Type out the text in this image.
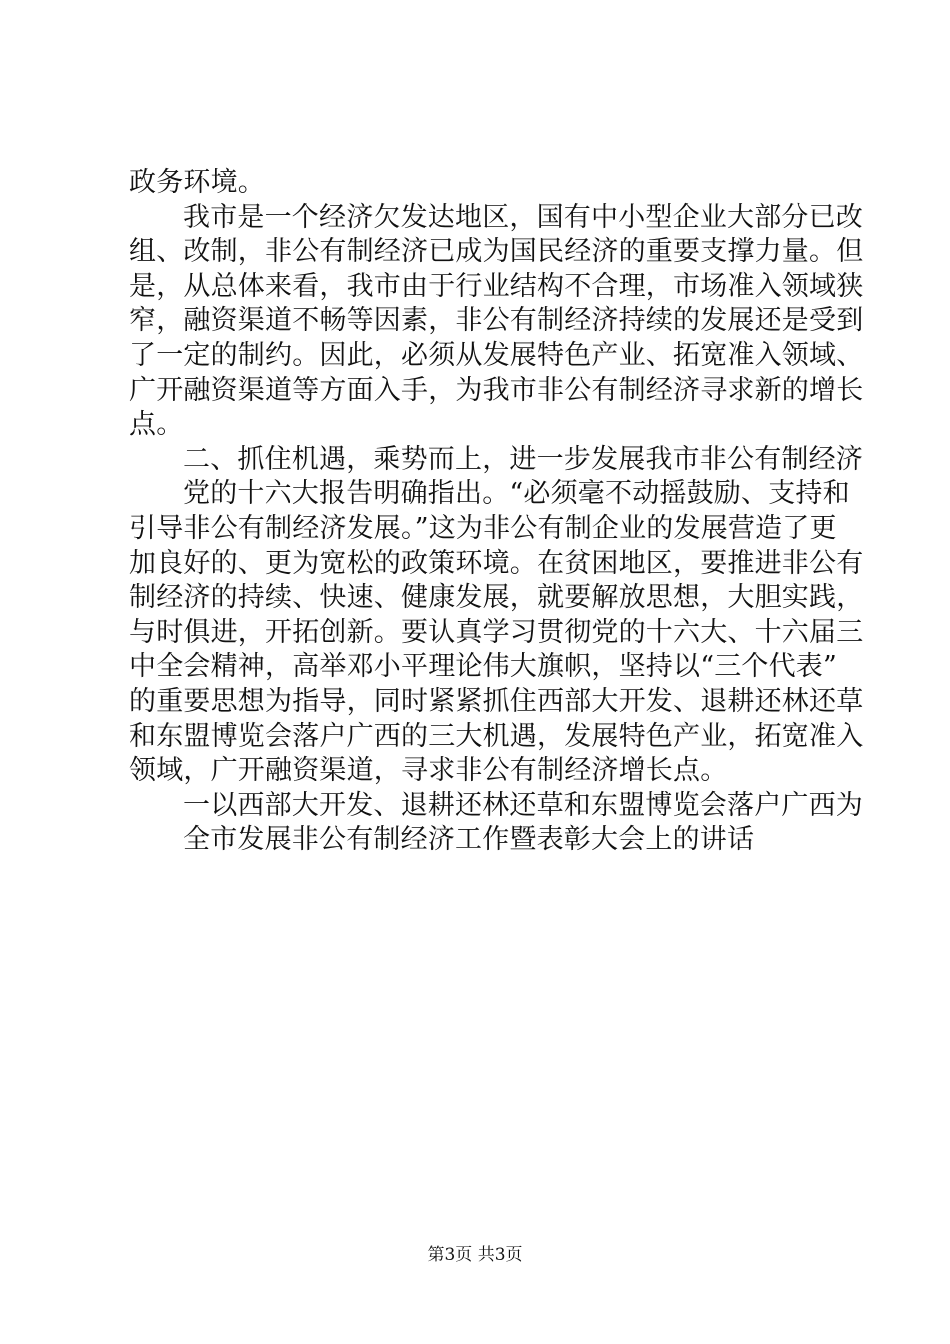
政务环境。
我市是一个经济欠发达地区，国有中小型企业大部分已改
组、改制，非公有制经济已成为国民经济的重要支撑力量。但
是，从总体来看，我市由于行业结构不合理，市场准入领域狭
窄，融资渠道不畅等因素，非公有制经济持续的发展还是受到
了一定的制约。因此，必须从发展特色产业、拓宽准入领域、
广开融资渠道等方面入手，为我市非公有制经济寻求新的增长
点。
二、抓住机遇，乘势而上，进一步发展我市非公有制经济
党的十六大报告明确指出。“必须毫不动摇鼓励、支持和
引导非公有制经济发展。”这为非公有制企业的发展营造了更
加良好的、更为宽松的政策环境。在贫困地区，要推进非公有
制经济的持续、快速、健康发展，就要解放思想，大胆实践，
与时俱进，开拓创新。要认真学习贯彻党的十六大、十六届三
中全会精神，高举邓小平理论伟大旗帜，坚持以“三个代表”
的重要思想为指导，同时紧紧抓住西部大开发、退耕还林还草
和东盟博览会落户广西的三大机遇，发展特色产业，拓宽准入
领域，广开融资渠道，寻求非公有制经济增长点。
一以西部大开发、退耕还林还草和东盟博览会落户广西为
全市发展非公有制经济工作暨表彰大会上的讲话
第3页 共3页
